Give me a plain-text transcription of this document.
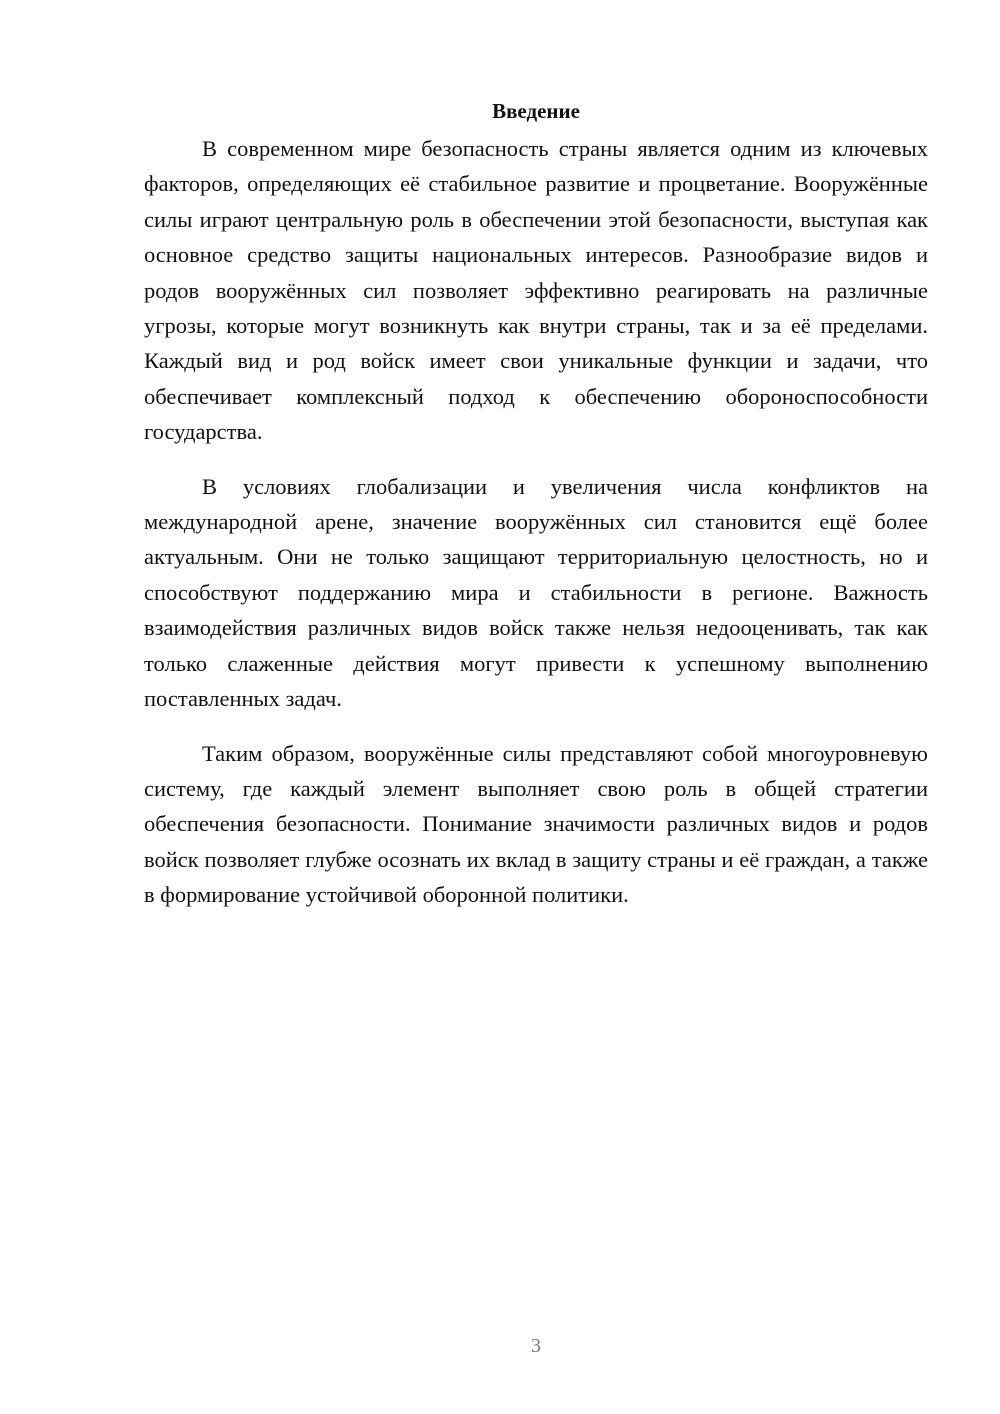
Введение

В современном мире безопасность страны является одним из ключевых факторов, определяющих её стабильное развитие и процветание. Вооружённые силы играют центральную роль в обеспечении этой безопасности, выступая как основное средство защиты национальных интересов. Разнообразие видов и родов вооружённых сил позволяет эффективно реагировать на различные угрозы, которые могут возникнуть как внутри страны, так и за её пределами. Каждый вид и род войск имеет свои уникальные функции и задачи, что обеспечивает комплексный подход к обеспечению обороноспособности государства.

В условиях глобализации и увеличения числа конфликтов на международной арене, значение вооружённых сил становится ещё более актуальным. Они не только защищают территориальную целостность, но и способствуют поддержанию мира и стабильности в регионе. Важность взаимодействия различных видов войск также нельзя недооценивать, так как только слаженные действия могут привести к успешному выполнению поставленных задач.

Таким образом, вооружённые силы представляют собой многоуровневую систему, где каждый элемент выполняет свою роль в общей стратегии обеспечения безопасности. Понимание значимости различных видов и родов войск позволяет глубже осознать их вклад в защиту страны и её граждан, а также в формирование устойчивой оборонной политики.

3
